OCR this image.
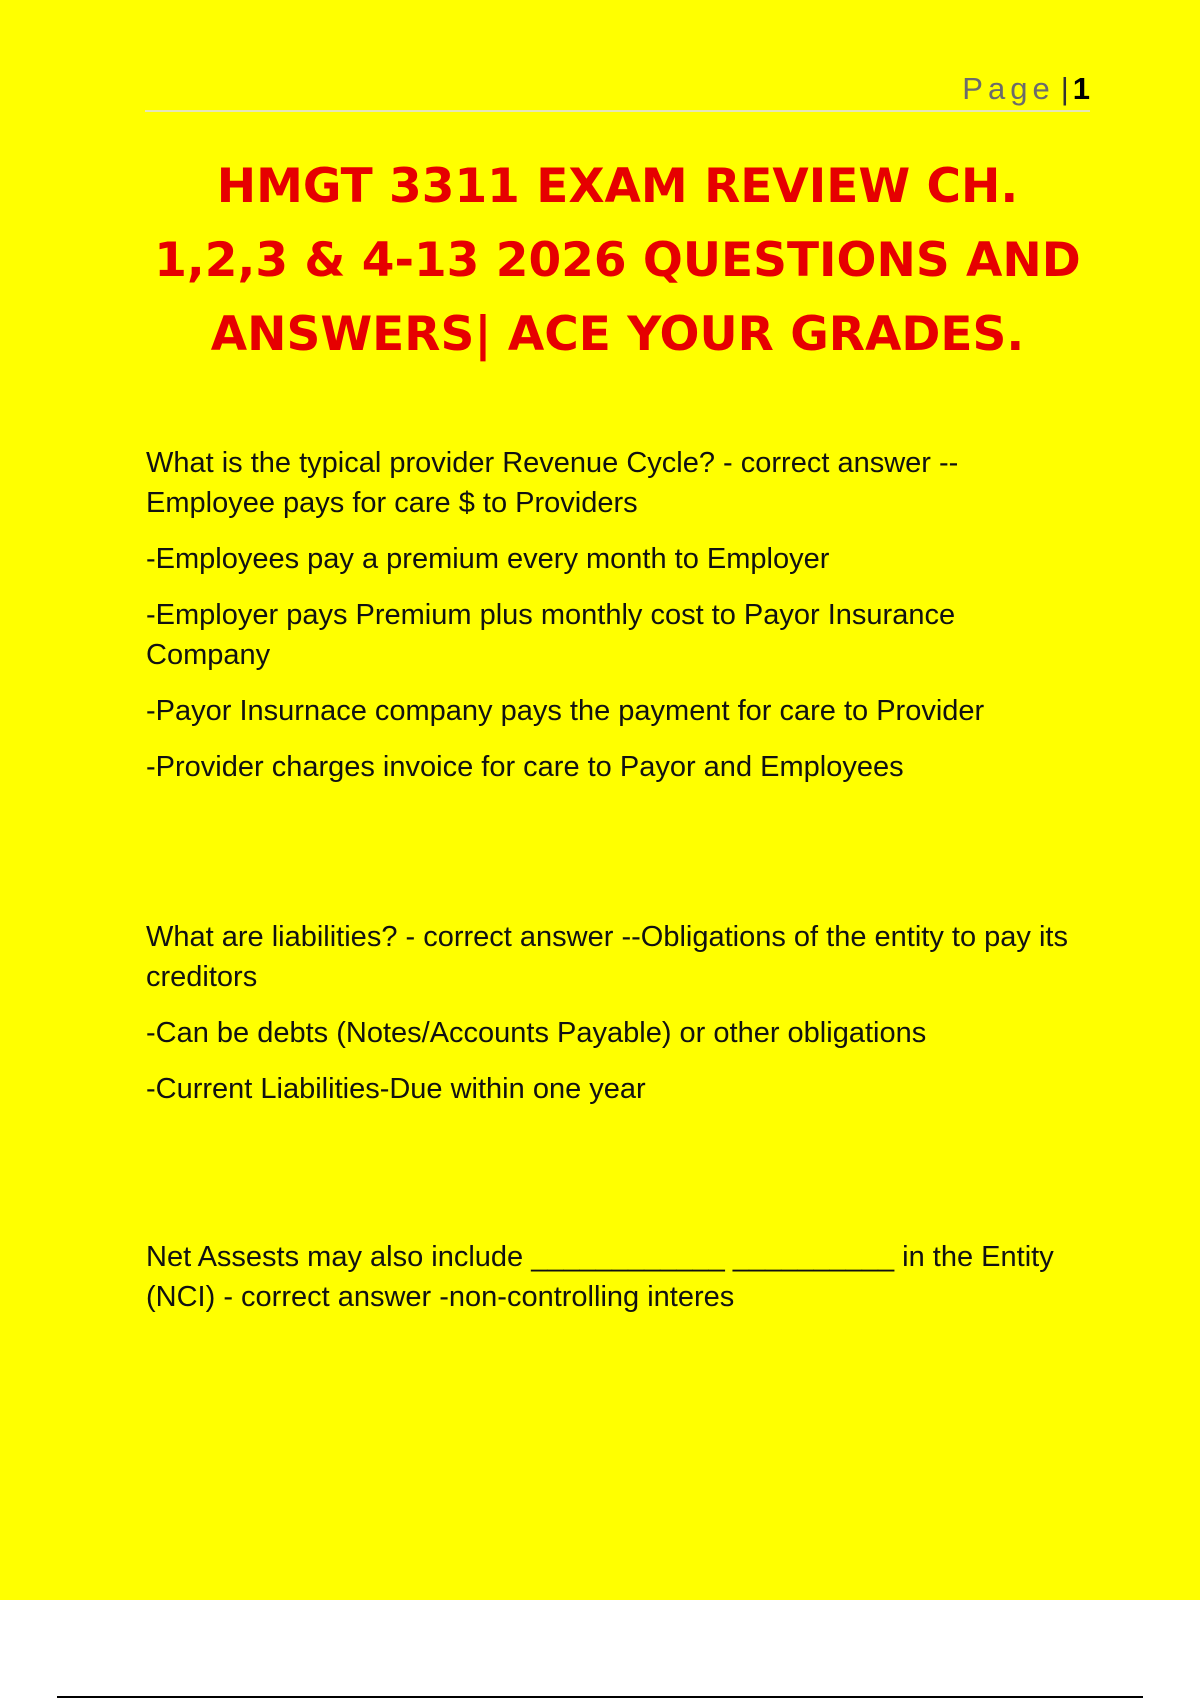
Page | 1
HMGT 3311 EXAM REVIEW CH.
1,2,3 & 4-13 2026 QUESTIONS AND
ANSWERS| ACE YOUR GRADES.

What is the typical provider Revenue Cycle? - correct answer --Employee pays for care $ to Providers

-Employees pay a premium every month to Employer

-Employer pays Premium plus monthly cost to Payor Insurance Company

-Payor Insurnace company pays the payment for care to Provider

-Provider charges invoice for care to Payor and Employees

What are liabilities? - correct answer --Obligations of the entity to pay its creditors

-Can be debts (Notes/Accounts Payable) or other obligations

-Current Liabilities-Due within one year

Net Assests may also include ____________ __________ in the Entity (NCI) - correct answer -non-controlling interes
